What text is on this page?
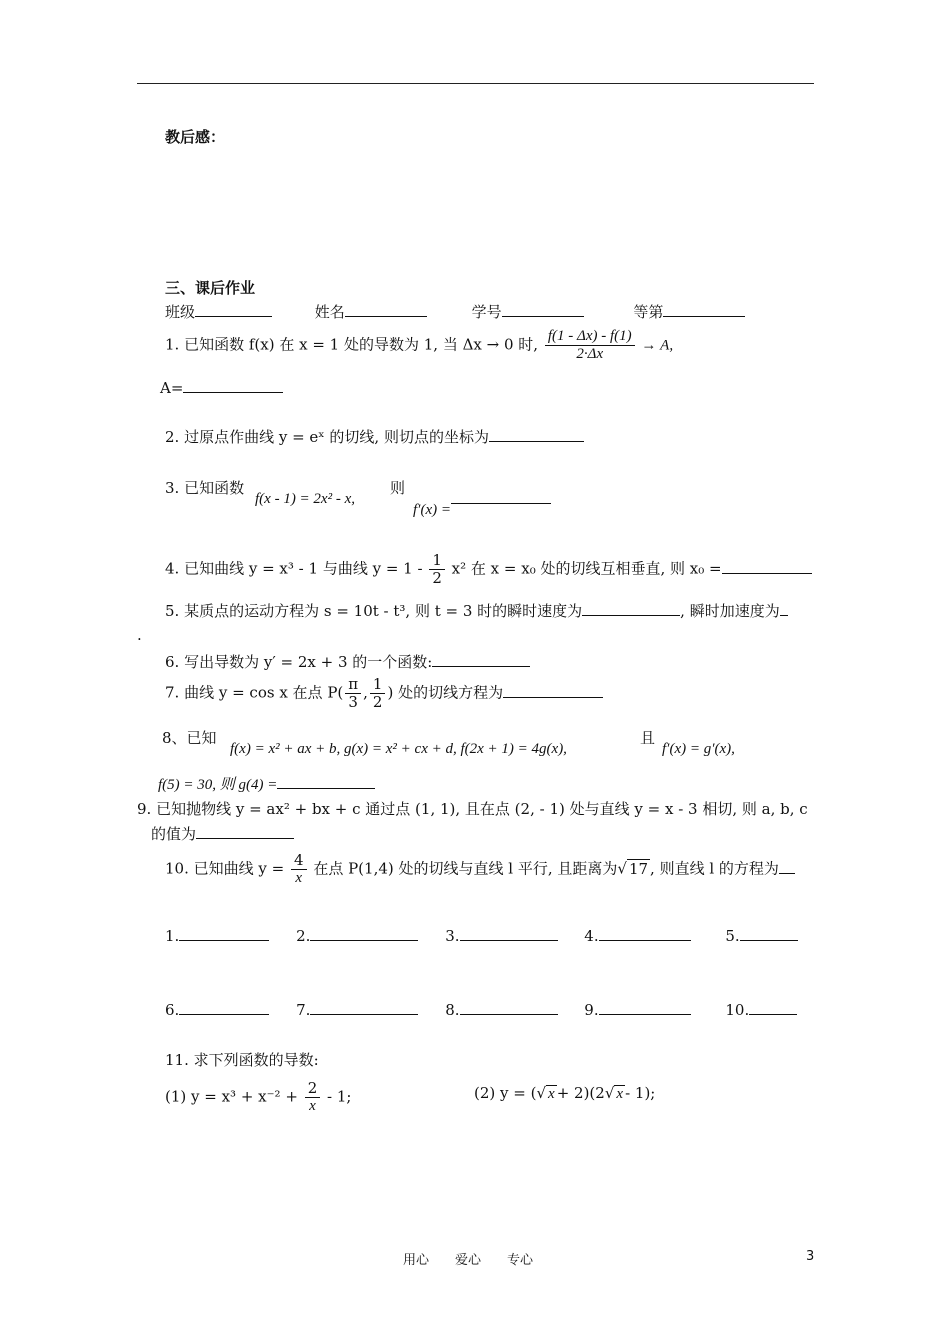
教后感：
三、课后作业
班级	姓名	学号	等第
1. 已知函数 f(x) 在 x = 1 处的导数为 1, 当 Δx → 0 时, $\frac{f(1 - \Delta x) - f(1)}{2\cdot\Delta x} \to A$,
A=
2. 过原点作曲线 y = eˣ 的切线, 则切点的坐标为
3. 已知函数
f(x - 1) = 2x² - x,
则
f′(x) =
4. 已知曲线 y = x³ - 1 与曲线 $y = 1 - \frac{1}{2} x^2$ 在 x = x₀ 处的切线互相垂直, 则 x₀ =
5. 某质点的运动方程为 s = 10t - t³, 则 t = 3 时的瞬时速度为	, 瞬时加速度为
.
6. 写出导数为 y′ = 2x + 3 的一个函数:
7. 曲线 y = cos x 在点 $P( \frac{\pi}{3}$ , $\frac{1}{2}$ ) 处的切线方程为
8、已知
f(x) = x² + ax + b, g(x) = x² + cx + d, f(2x + 1) = 4g(x),
且
f′(x) = g′(x),
f(5) = 30, 则 g(4) =
9. 已知抛物线 y = ax² + bx + c 通过点 (1, 1), 且在点 (2, - 1) 处与直线 y = x - 3 相切, 则 a, b, c
的值为
10. 已知曲线 $y = \frac{4}{x}$ 在点 P(1,4) 处的切线与直线 l 平行, 且距离为√ 17 , 则直线 l 的方程为
1.	2.	3.	4.	5.
6.	7.	8.	9.	10.
11. 求下列函数的导数:
(1) $y = x^3 + x^{-2} + \frac{2}{x} - 1$;	(2) y = (√ x + 2)(2√ x - 1);
用心　　爱心　　专心	3
